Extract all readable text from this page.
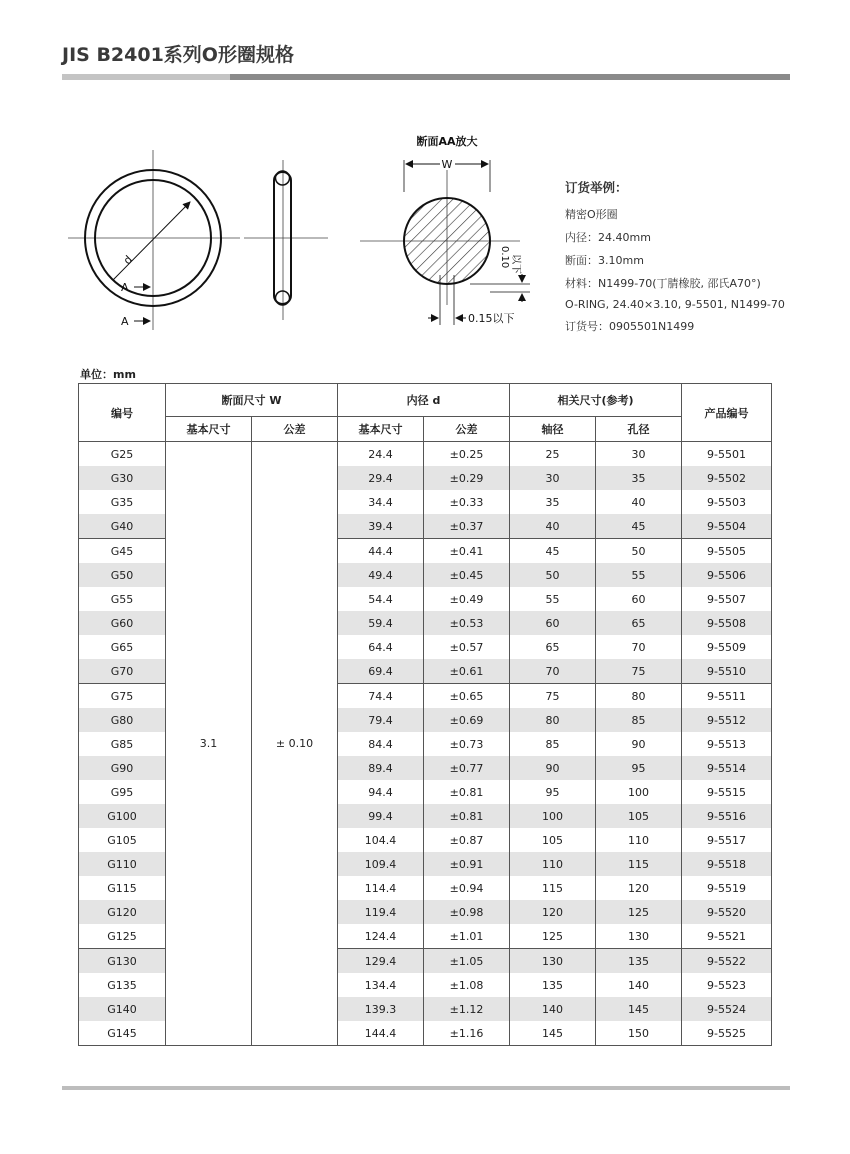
JIS B2401系列O形圈规格
d
A
A
断面AA放大
W
0.15以下
0.10 以下
订货举例：
精密O形圈
内径：24.40mm
断面：3.10mm
材料：N1499-70(丁腈橡胶, 邵氏A70°)
O-RING, 24.40×3.10, 9-5501, N1499-70
订货号：0905501N1499
单位：mm
编号	断面尺寸 W		内径 d		相关尺寸(参考)		产品编号
	基本尺寸	公差	基本尺寸	公差	轴径	孔径	
G25	3.1	± 0.10	24.4	±0.25	25	30	9-5501
G30			29.4	±0.29	30	35	9-5502
G35			34.4	±0.33	35	40	9-5503
G40			39.4	±0.37	40	45	9-5504
G45			44.4	±0.41	45	50	9-5505
G50			49.4	±0.45	50	55	9-5506
G55			54.4	±0.49	55	60	9-5507
G60			59.4	±0.53	60	65	9-5508
G65			64.4	±0.57	65	70	9-5509
G70			69.4	±0.61	70	75	9-5510
G75			74.4	±0.65	75	80	9-5511
G80			79.4	±0.69	80	85	9-5512
G85			84.4	±0.73	85	90	9-5513
G90			89.4	±0.77	90	95	9-5514
G95			94.4	±0.81	95	100	9-5515
G100			99.4	±0.81	100	105	9-5516
G105			104.4	±0.87	105	110	9-5517
G110			109.4	±0.91	110	115	9-5518
G115			114.4	±0.94	115	120	9-5519
G120			119.4	±0.98	120	125	9-5520
G125			124.4	±1.01	125	130	9-5521
G130			129.4	±1.05	130	135	9-5522
G135			134.4	±1.08	135	140	9-5523
G140			139.3	±1.12	140	145	9-5524
G145			144.4	±1.16	145	150	9-5525
